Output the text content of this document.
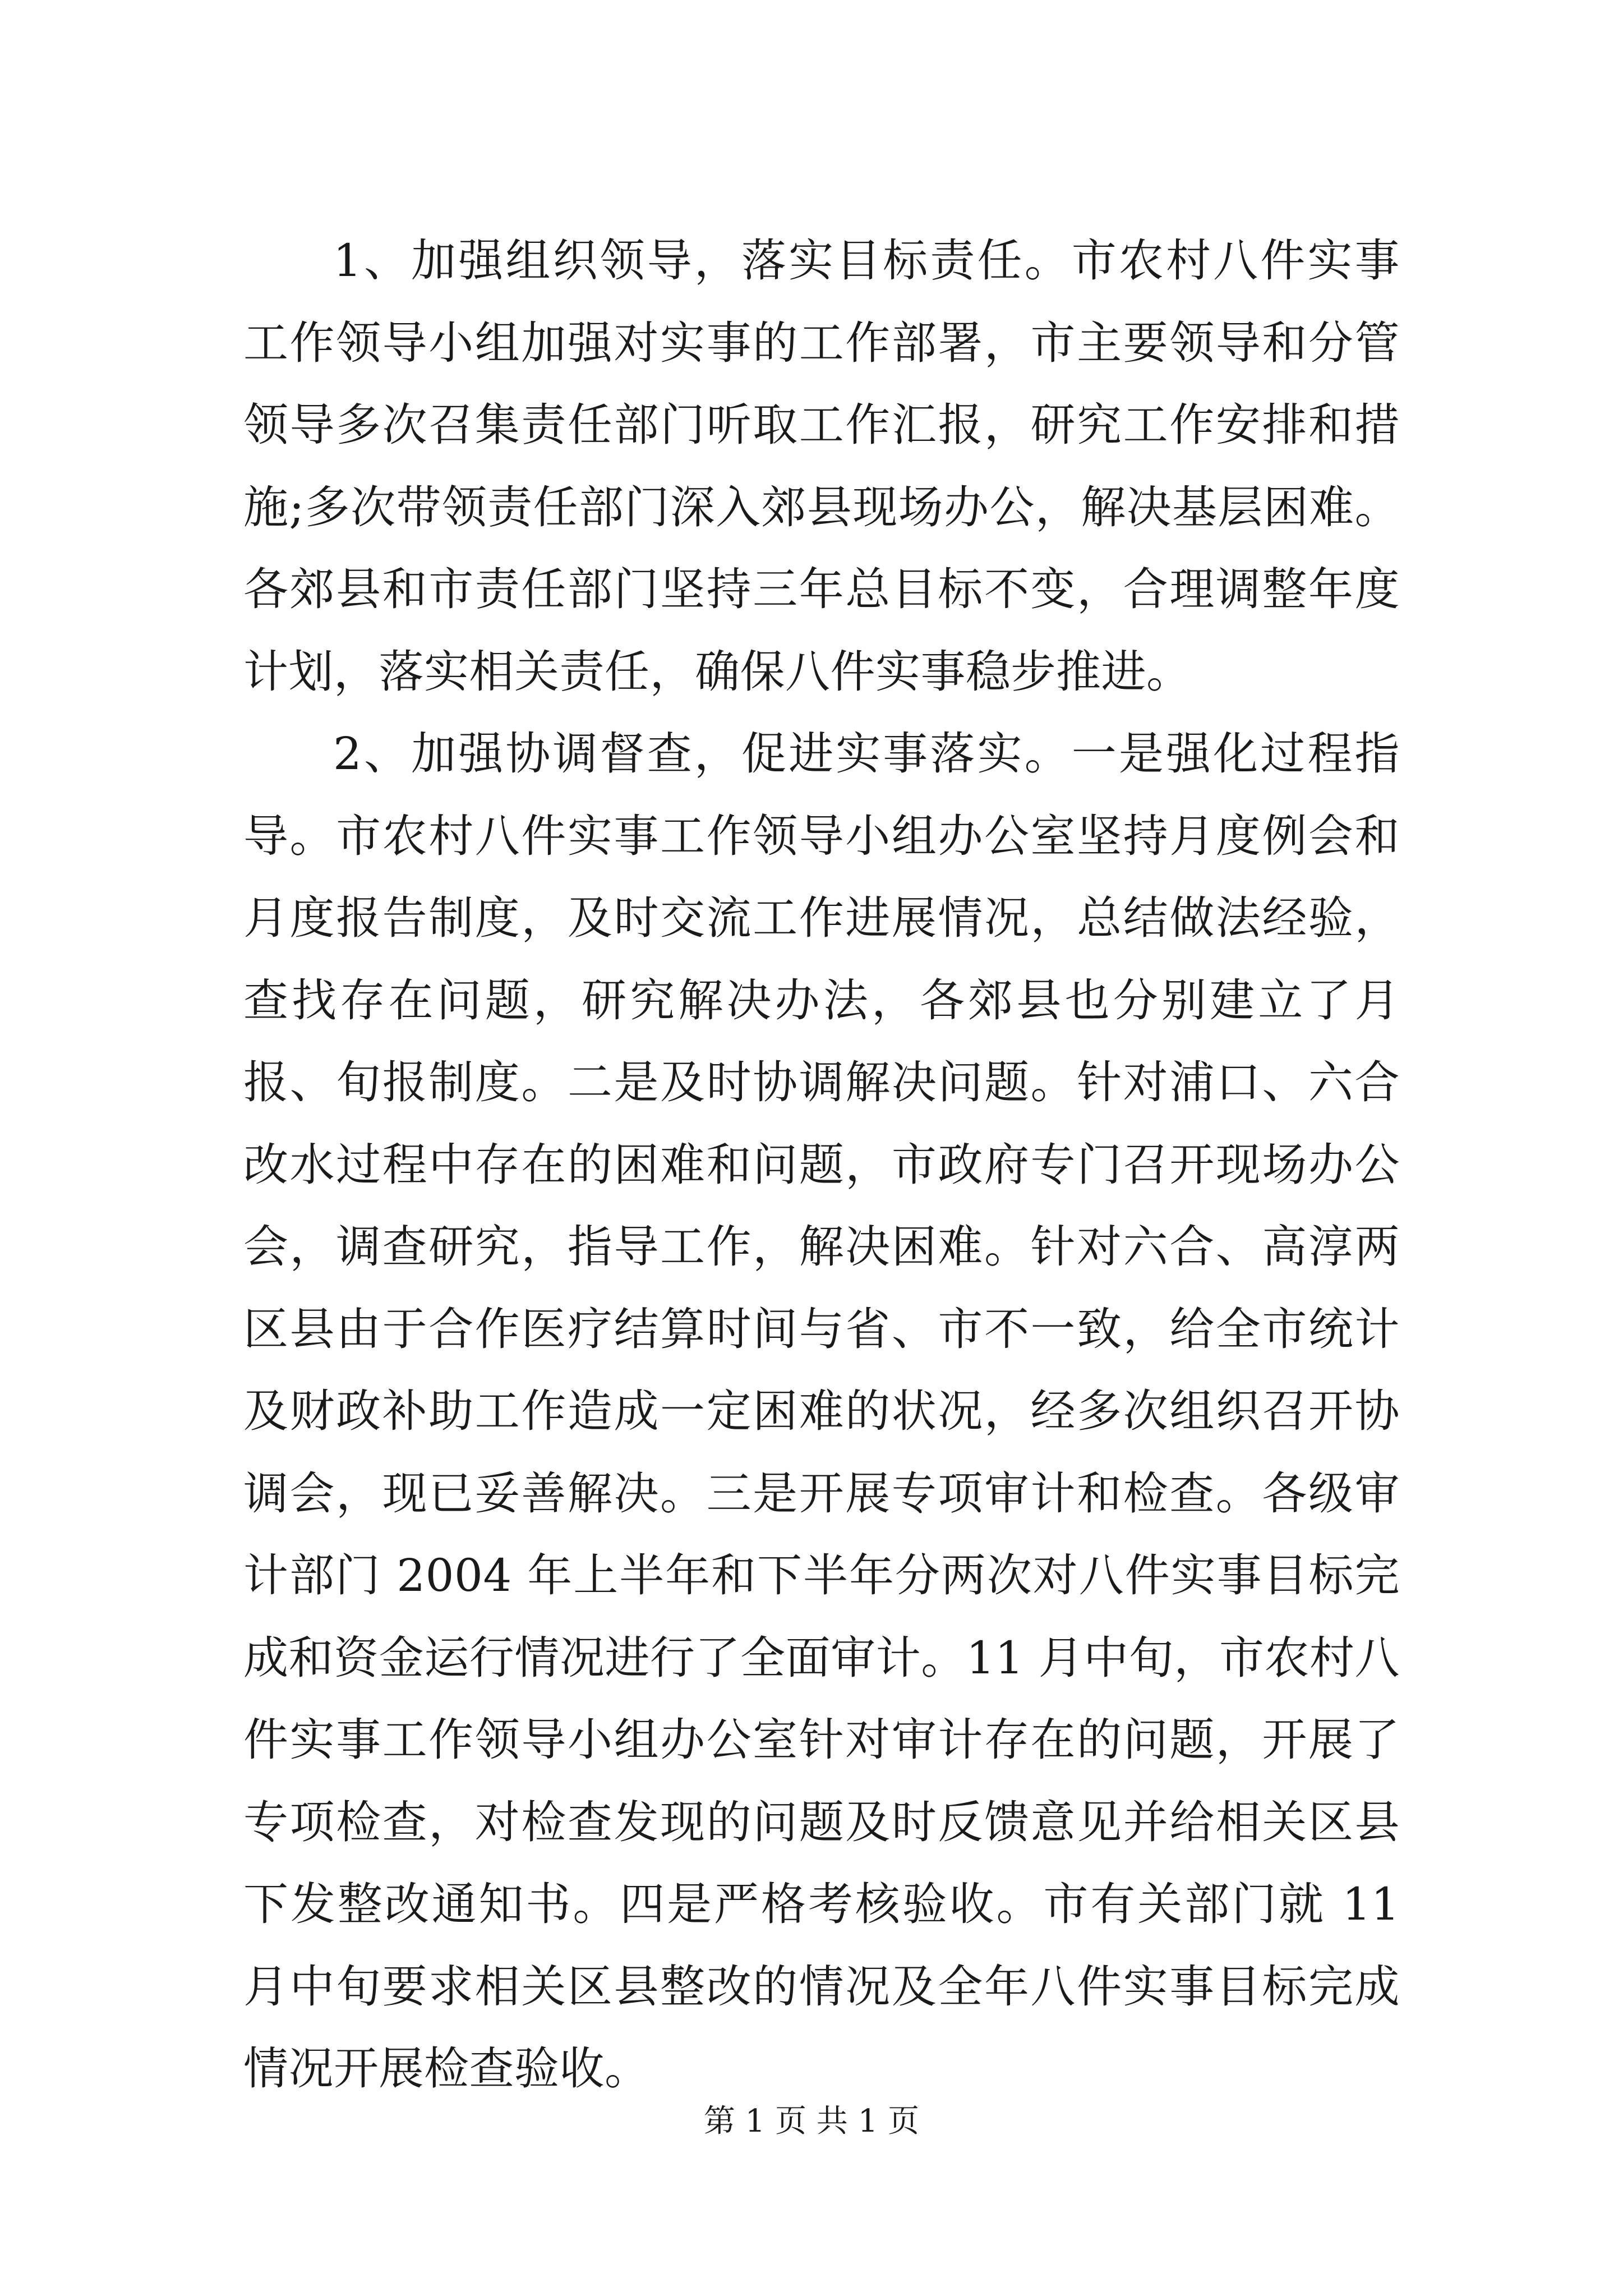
1、加强组织领导，落实目标责任。市农村八件实事工作领导小组加强对实事的工作部署，市主要领导和分管领导多次召集责任部门听取工作汇报，研究工作安排和措施;多次带领责任部门深入郊县现场办公，解决基层困难。各郊县和市责任部门坚持三年总目标不变，合理调整年度计划，落实相关责任，确保八件实事稳步推进。

2、加强协调督查，促进实事落实。一是强化过程指导。市农村八件实事工作领导小组办公室坚持月度例会和月度报告制度，及时交流工作进展情况，总结做法经验，查找存在问题，研究解决办法，各郊县也分别建立了月报、旬报制度。二是及时协调解决问题。针对浦口、六合改水过程中存在的困难和问题，市政府专门召开现场办公会，调查研究，指导工作，解决困难。针对六合、高淳两区县由于合作医疗结算时间与省、市不一致，给全市统计及财政补助工作造成一定困难的状况，经多次组织召开协调会，现已妥善解决。三是开展专项审计和检查。各级审计部门 2004 年上半年和下半年分两次对八件实事目标完成和资金运行情况进行了全面审计。11 月中旬，市农村八件实事工作领导小组办公室针对审计存在的问题，开展了专项检查，对检查发现的问题及时反馈意见并给相关区县下发整改通知书。四是严格考核验收。市有关部门就 11 月中旬要求相关区县整改的情况及全年八件实事目标完成情况开展检查验收。

第 1 页 共 1 页
